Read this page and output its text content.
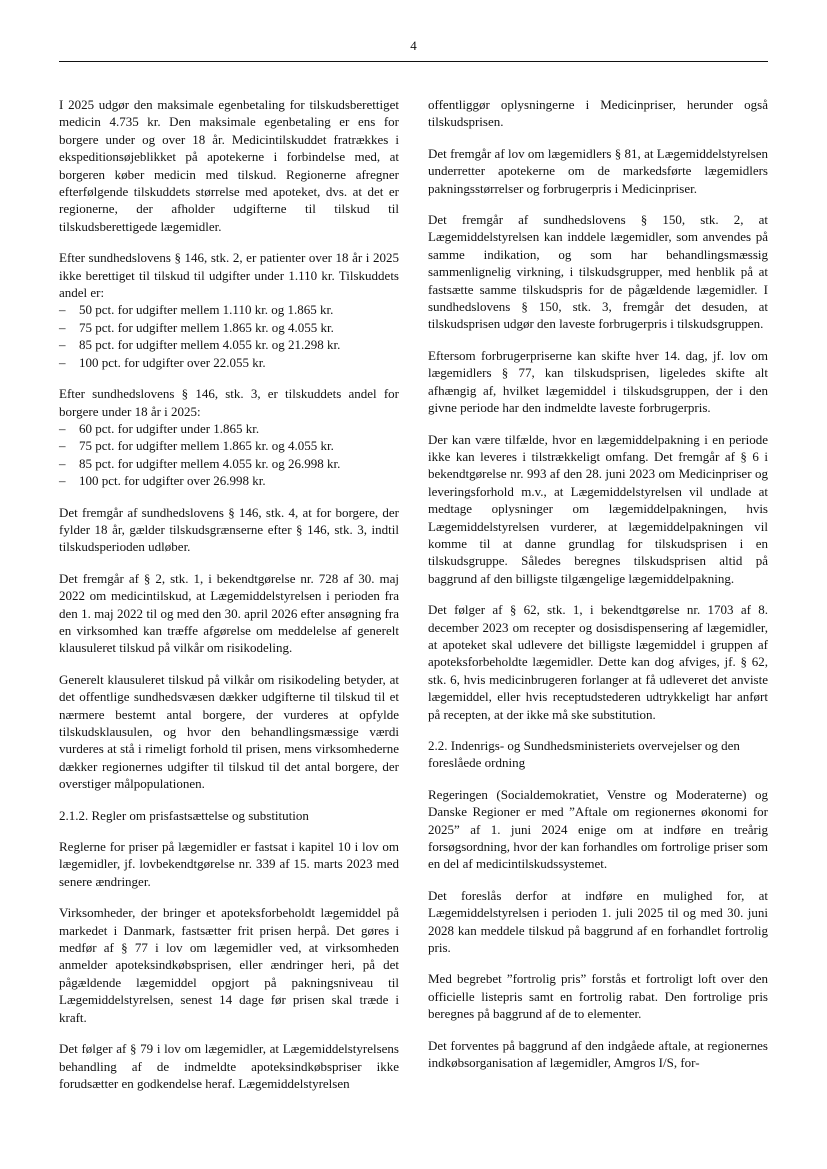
4

I 2025 udgør den maksimale egenbetaling for tilskudsberettiget medicin 4.735 kr. Den maksimale egenbetaling er ens for borgere under og over 18 år. Medicintilskuddet fratrækkes i ekspeditionsøjeblikket på apotekerne i forbindelse med, at borgeren køber medicin med tilskud. Regionerne afregner efterfølgende tilskuddets størrelse med apoteket, dvs. at det er regionerne, der afholder udgifterne til tilskud til tilskudsberettigede lægemidler.

Efter sundhedslovens § 146, stk. 2, er patienter over 18 år i 2025 ikke berettiget til tilskud til udgifter under 1.110 kr. Tilskuddets andel er:

– 50 pct. for udgifter mellem 1.110 kr. og 1.865 kr.
– 75 pct. for udgifter mellem 1.865 kr. og 4.055 kr.
– 85 pct. for udgifter mellem 4.055 kr. og 21.298 kr.
– 100 pct. for udgifter over 22.055 kr.

Efter sundhedslovens § 146, stk. 3, er tilskuddets andel for borgere under 18 år i 2025:

– 60 pct. for udgifter under 1.865 kr.
– 75 pct. for udgifter mellem 1.865 kr. og 4.055 kr.
– 85 pct. for udgifter mellem 4.055 kr. og 26.998 kr.
– 100 pct. for udgifter over 26.998 kr.

Det fremgår af sundhedslovens § 146, stk. 4, at for borgere, der fylder 18 år, gælder tilskudsgrænserne efter § 146, stk. 3, indtil tilskudsperioden udløber.

Det fremgår af § 2, stk. 1, i bekendtgørelse nr. 728 af 30. maj 2022 om medicintilskud, at Lægemiddelstyrelsen i perioden fra den 1. maj 2022 til og med den 30. april 2026 efter ansøgning fra en virksomhed kan træffe afgørelse om meddelelse af generelt klausuleret tilskud på vilkår om risikodeling.

Generelt klausuleret tilskud på vilkår om risikodeling betyder, at det offentlige sundhedsvæsen dækker udgifterne til tilskud til et nærmere bestemt antal borgere, der vurderes at opfylde tilskudsklausulen, og hvor den behandlingsmæssige værdi vurderes at stå i rimeligt forhold til prisen, mens virksomhederne dækker regionernes udgifter til tilskud til det antal borgere, der overstiger målpopulationen.

2.1.2. Regler om prisfastsættelse og substitution

Reglerne for priser på lægemidler er fastsat i kapitel 10 i lov om lægemidler, jf. lovbekendtgørelse nr. 339 af 15. marts 2023 med senere ændringer.

Virksomheder, der bringer et apoteksforbeholdt lægemiddel på markedet i Danmark, fastsætter frit prisen herpå. Det gøres i medfør af § 77 i lov om lægemidler ved, at virksomheden anmelder apoteksindkøbsprisen, eller ændringer heri, på det pågældende lægemiddel opgjort på pakningsniveau til Lægemiddelstyrelsen, senest 14 dage før prisen skal træde i kraft.

Det følger af § 79 i lov om lægemidler, at Lægemiddelstyrelsens behandling af de indmeldte apoteksindkøbspriser ikke forudsætter en godkendelse heraf. Lægemiddelstyrelsen

offentliggør oplysningerne i Medicinpriser, herunder også tilskudsprisen.

Det fremgår af lov om lægemidlers § 81, at Lægemiddelstyrelsen underretter apotekerne om de markedsførte lægemidlers pakningsstørrelser og forbrugerpris i Medicinpriser.

Det fremgår af sundhedslovens § 150, stk. 2, at Lægemiddelstyrelsen kan inddele lægemidler, som anvendes på samme indikation, og som har behandlingsmæssig sammenlignelig virkning, i tilskudsgrupper, med henblik på at fastsætte samme tilskudspris for de pågældende lægemidler. I sundhedslovens § 150, stk. 3, fremgår det desuden, at tilskudsprisen udgør den laveste forbrugerpris i tilskudsgruppen.

Eftersom forbrugerpriserne kan skifte hver 14. dag, jf. lov om lægemidlers § 77, kan tilskudsprisen, ligeledes skifte alt afhængig af, hvilket lægemiddel i tilskudsgruppen, der i den givne periode har den indmeldte laveste forbrugerpris.

Der kan være tilfælde, hvor en lægemiddelpakning i en periode ikke kan leveres i tilstrækkeligt omfang. Det fremgår af § 6 i bekendtgørelse nr. 993 af den 28. juni 2023 om Medicinpriser og leveringsforhold m.v., at Lægemiddelstyrelsen vil undlade at medtage oplysninger om lægemiddelpakningen, hvis Lægemiddelstyrelsen vurderer, at lægemiddelpakningen vil komme til at danne grundlag for tilskudsprisen i en tilskudsgruppe. Således beregnes tilskudsprisen altid på baggrund af den billigste tilgængelige lægemiddelpakning.

Det følger af § 62, stk. 1, i bekendtgørelse nr. 1703 af 8. december 2023 om recepter og dosisdispensering af lægemidler, at apoteket skal udlevere det billigste lægemiddel i gruppen af apoteksforbeholdte lægemidler. Dette kan dog afviges, jf. § 62, stk. 6, hvis medicinbrugeren forlanger at få udleveret det anviste lægemiddel, eller hvis receptudstederen udtrykkeligt har anført på recepten, at der ikke må ske substitution.

2.2. Indenrigs- og Sundhedsministeriets overvejelser og den foreslåede ordning

Regeringen (Socialdemokratiet, Venstre og Moderaterne) og Danske Regioner er med ”Aftale om regionernes økonomi for 2025” af 1. juni 2024 enige om at indføre en treårig forsøgsordning, hvor der kan forhandles om fortrolige priser som en del af medicintilskudssystemet.

Det foreslås derfor at indføre en mulighed for, at Lægemiddelstyrelsen i perioden 1. juli 2025 til og med 30. juni 2028 kan meddele tilskud på baggrund af en forhandlet fortrolig pris.

Med begrebet ”fortrolig pris” forstås et fortroligt loft over den officielle listepris samt en fortrolig rabat. Den fortrolige pris beregnes på baggrund af de to elementer.

Det forventes på baggrund af den indgåede aftale, at regionernes indkøbsorganisation af lægemidler, Amgros I/S, for-
